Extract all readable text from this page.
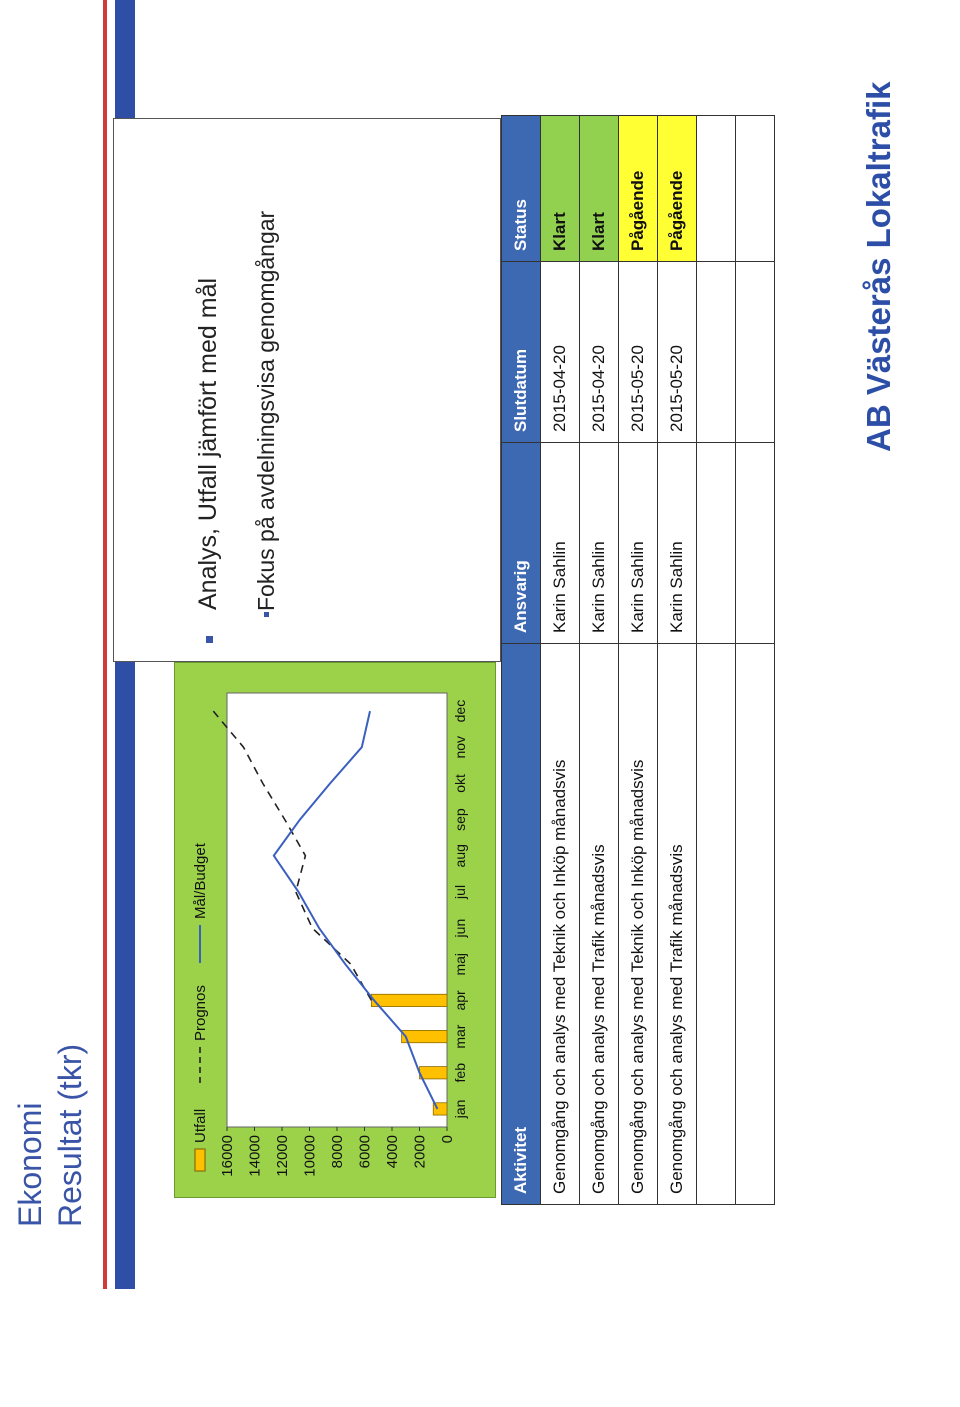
Ekonomi Resultat (tkr)	Utfall
Prognos
Mål/Budget
0
2000
4000
6000
8000
10000
12000
14000
16000
jan
feb
mar
apr
maj
jun
jul
aug
sep
okt
nov
dec
Analys, Utfall jämfört med mål Fokus på avdelningsvisa genomgångar
Aktivitet	Ansvarig	Slutdatum	Status
Genomgång och analys med Teknik och Inköp månadsvis	Karin Sahlin	2015-04-20	Klart
Genomgång och analys med Trafik månadsvis	Karin Sahlin	2015-04-20	Klart
Genomgång och analys med Teknik och Inköp månadsvis	Karin Sahlin	2015-05-20	Pågående
Genomgång och analys med Trafik månadsvis	Karin Sahlin	2015-05-20	Pågående

				AB Västerås Lokaltrafik
